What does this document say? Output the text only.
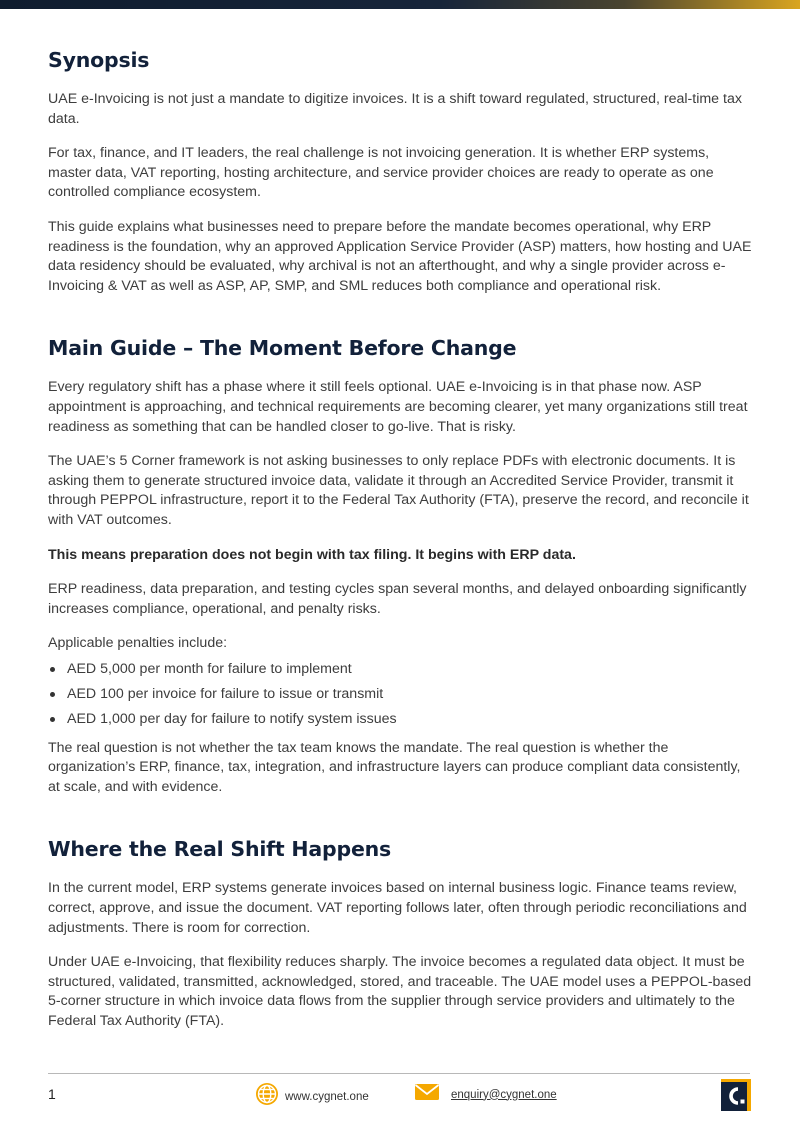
Synopsis

UAE e-Invoicing is not just a mandate to digitize invoices. It is a shift toward regulated, structured, real-time tax data.

For tax, finance, and IT leaders, the real challenge is not invoicing generation. It is whether ERP systems, master data, VAT reporting, hosting architecture, and service provider choices are ready to operate as one controlled compliance ecosystem.

This guide explains what businesses need to prepare before the mandate becomes operational, why ERP readiness is the foundation, why an approved Application Service Provider (ASP) matters, how hosting and UAE data residency should be evaluated, why archival is not an afterthought, and why a single provider across e-Invoicing & VAT as well as ASP, AP, SMP, and SML reduces both compliance and operational risk.

Main Guide – The Moment Before Change

Every regulatory shift has a phase where it still feels optional. UAE e-Invoicing is in that phase now. ASP appointment is approaching, and technical requirements are becoming clearer, yet many organizations still treat readiness as something that can be handled closer to go-live. That is risky.

The UAE’s 5 Corner framework is not asking businesses to only replace PDFs with electronic documents. It is asking them to generate structured invoice data, validate it through an Accredited Service Provider, transmit it through PEPPOL infrastructure, report it to the Federal Tax Authority (FTA), preserve the record, and reconcile it with VAT outcomes.

This means preparation does not begin with tax filing. It begins with ERP data.

ERP readiness, data preparation, and testing cycles span several months, and delayed onboarding significantly increases compliance, operational, and penalty risks.

Applicable penalties include:

AED 5,000 per month for failure to implement
AED 100 per invoice for failure to issue or transmit
AED 1,000 per day for failure to notify system issues

The real question is not whether the tax team knows the mandate. The real question is whether the organization’s ERP, finance, tax, integration, and infrastructure layers can produce compliant data consistently, at scale, and with evidence.

Where the Real Shift Happens

In the current model, ERP systems generate invoices based on internal business logic. Finance teams review, correct, approve, and issue the document. VAT reporting follows later, often through periodic reconciliations and adjustments. There is room for correction.

Under UAE e-Invoicing, that flexibility reduces sharply. The invoice becomes a regulated data object. It must be structured, validated, transmitted, acknowledged, stored, and traceable. The UAE model uses a PEPPOL-based 5-corner structure in which invoice data flows from the supplier through service providers and ultimately to the Federal Tax Authority (FTA).

1	www.cygnet.one	enquiry@cygnet.one
